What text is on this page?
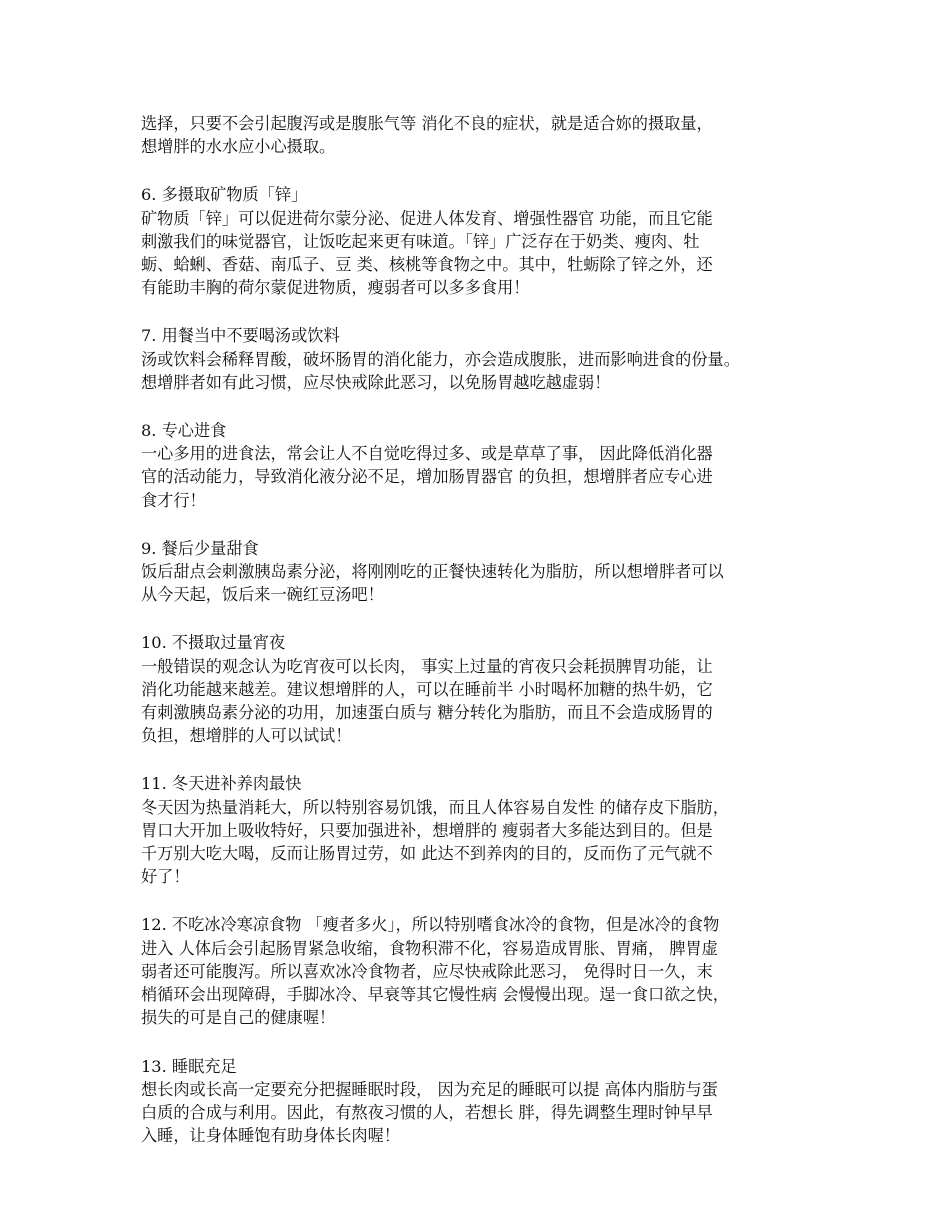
选择，只要不会引起腹泻或是腹胀气等 消化不良的症状，就是适合妳的摄取量，
想增胖的水水应小心摄取。

6. 多摄取矿物质「锌」

矿物质「锌」可以促进荷尔蒙分泌、促进人体发育、增强性器官 功能，而且它能
刺激我们的味觉器官，让饭吃起来更有味道。「锌」广泛存在于奶类、瘦肉、牡
蛎、蛤蜊、香菇、南瓜子、豆 类、核桃等食物之中。其中，牡蛎除了锌之外，还
有能助丰胸的荷尔蒙促进物质，瘦弱者可以多多食用！

7. 用餐当中不要喝汤或饮料

汤或饮料会稀释胃酸，破坏肠胃的消化能力，亦会造成腹胀，进而影响进食的份量。
想增胖者如有此习惯，应尽快戒除此恶习，以免肠胃越吃越虚弱！

8. 专心进食

一心多用的进食法，常会让人不自觉吃得过多、或是草草了事， 因此降低消化器
官的活动能力，导致消化液分泌不足，增加肠胃器官 的负担，想增胖者应专心进
食才行！

9. 餐后少量甜食

饭后甜点会刺激胰岛素分泌，将刚刚吃的正餐快速转化为脂肪，所以想增胖者可以
从今天起，饭后来一碗红豆汤吧！

10. 不摄取过量宵夜

一般错误的观念认为吃宵夜可以长肉， 事实上过量的宵夜只会耗损脾胃功能，让
消化功能越来越差。建议想增胖的人，可以在睡前半 小时喝杯加糖的热牛奶，它
有刺激胰岛素分泌的功用，加速蛋白质与 糖分转化为脂肪，而且不会造成肠胃的
负担，想增胖的人可以试试！

11. 冬天进补养肉最快

冬天因为热量消耗大，所以特别容易饥饿，而且人体容易自发性 的储存皮下脂肪，
胃口大开加上吸收特好，只要加强进补，想增胖的 瘦弱者大多能达到目的。但是
千万别大吃大喝，反而让肠胃过劳，如 此达不到养肉的目的，反而伤了元气就不
好了！

12. 不吃冰冷寒凉食物 「瘦者多火」，所以特别嗜食冰冷的食物，但是冰冷的食物

进入 人体后会引起肠胃紧急收缩，食物积滞不化，容易造成胃胀、胃痛， 脾胃虚
弱者还可能腹泻。所以喜欢冰冷食物者，应尽快戒除此恶习， 免得时日一久，末
梢循环会出现障碍，手脚冰冷、早衰等其它慢性病 会慢慢出现。逞一食口欲之快，
损失的可是自己的健康喔！

13. 睡眠充足

想长肉或长高一定要充分把握睡眠时段， 因为充足的睡眠可以提 高体内脂肪与蛋
白质的合成与利用。因此，有熬夜习惯的人，若想长 胖，得先调整生理时钟早早
入睡，让身体睡饱有助身体长肉喔！
